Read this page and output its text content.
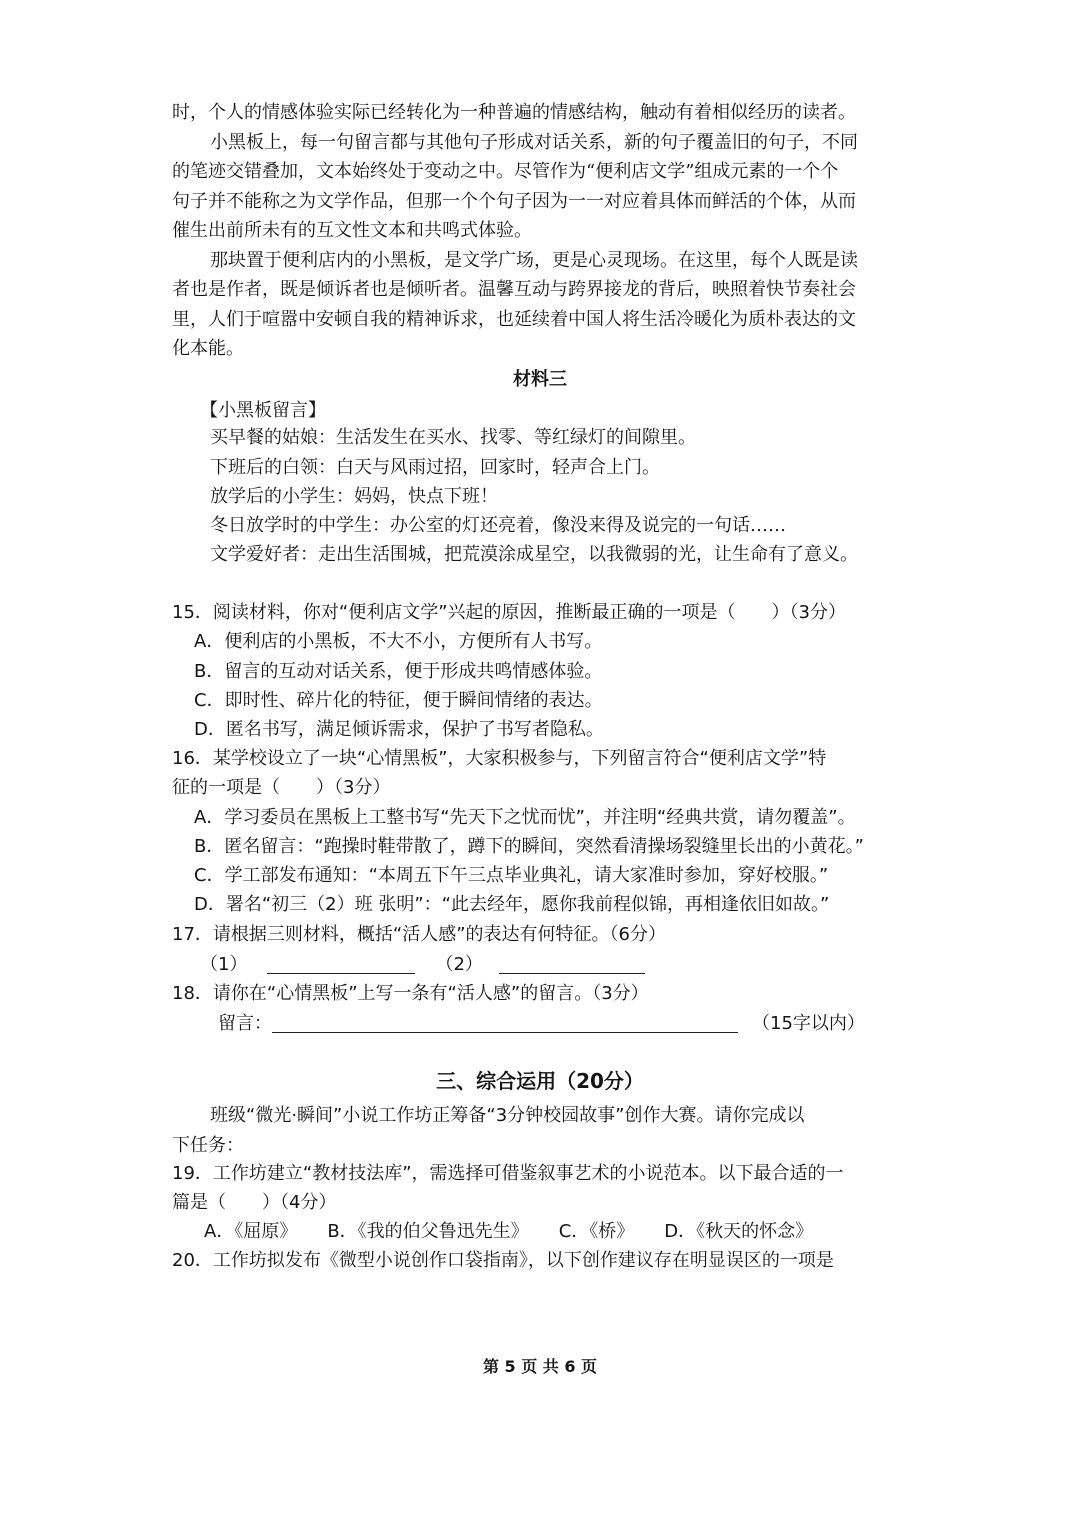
时，个人的情感体验实际已经转化为一种普遍的情感结构，触动有着相似经历的读者。
小黑板上，每一句留言都与其他句子形成对话关系，新的句子覆盖旧的句子，不同
的笔迹交错叠加，文本始终处于变动之中。尽管作为“便利店文学”组成元素的一个个
句子并不能称之为文学作品，但那一个个句子因为一一对应着具体而鲜活的个体，从而
催生出前所未有的互文性文本和共鸣式体验。
那块置于便利店内的小黑板，是文学广场，更是心灵现场。在这里，每个人既是读
者也是作者，既是倾诉者也是倾听者。温馨互动与跨界接龙的背后，映照着快节奏社会
里，人们于喧嚣中安顿自我的精神诉求，也延续着中国人将生活冷暖化为质朴表达的文
化本能。
材料三
【小黑板留言】
买早餐的姑娘：生活发生在买水、找零、等红绿灯的间隙里。
下班后的白领：白天与风雨过招，回家时，轻声合上门。
放学后的小学生：妈妈，快点下班！
冬日放学时的中学生：办公室的灯还亮着，像没来得及说完的一句话……
文学爱好者：走出生活围城，把荒漠涂成星空，以我微弱的光，让生命有了意义。
15．阅读材料，你对“便利店文学”兴起的原因，推断最正确的一项是（　　）（3分）
A．便利店的小黑板，不大不小，方便所有人书写。
B．留言的互动对话关系，便于形成共鸣情感体验。
C．即时性、碎片化的特征，便于瞬间情绪的表达。
D．匿名书写，满足倾诉需求，保护了书写者隐私。
16．某学校设立了一块“心情黑板”，大家积极参与，下列留言符合“便利店文学”特
征的一项是（　　）（3分）
A．学习委员在黑板上工整书写“先天下之忧而忧”，并注明“经典共赏，请勿覆盖”。
B．匿名留言：“跑操时鞋带散了，蹲下的瞬间，突然看清操场裂缝里长出的小黄花。”
C．学工部发布通知：“本周五下午三点毕业典礼，请大家准时参加，穿好校服。”
D．署名“初三（2）班 张明”：“此去经年，愿你我前程似锦，再相逢依旧如故。”
17．请根据三则材料，概括“活人感”的表达有何特征。（6分）
（1）	（2）
18．请你在“心情黑板”上写一条有“活人感”的留言。（3分）
留言：	（15字以内）
三、综合运用（20分）
班级“微光·瞬间”小说工作坊正筹备“3分钟校园故事”创作大赛。请你完成以
下任务：
19．工作坊建立“教材技法库”，需选择可借鉴叙事艺术的小说范本。以下最合适的一
篇是（　　）（4分）
A．《屈原》 B．《我的伯父鲁迅先生》 C．《桥》 D．《秋天的怀念》
20．工作坊拟发布《微型小说创作口袋指南》，以下创作建议存在明显误区的一项是
第 5 页 共 6 页
